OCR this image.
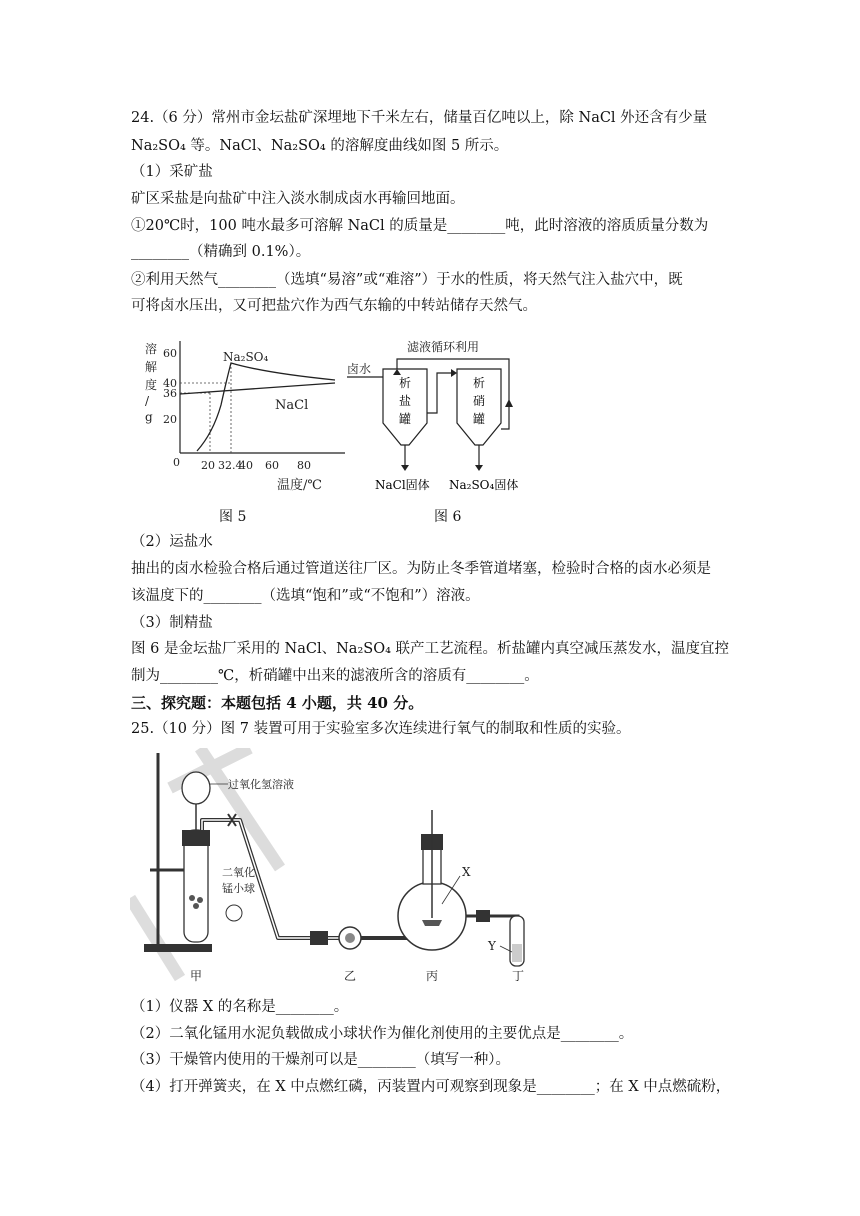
24.（6 分）常州市金坛盐矿深埋地下千米左右，储量百亿吨以上，除 NaCl 外还含有少量
Na₂SO₄ 等。NaCl、Na₂SO₄ 的溶解度曲线如图 5 所示。
（1）采矿盐
矿区采盐是向盐矿中注入淡水制成卤水再输回地面。
①20℃时，100 吨水最多可溶解 NaCl 的质量是________吨，此时溶液的溶质质量分数为
________（精确到 0.1%）。
②利用天然气________（选填“易溶”或“难溶”）于水的性质，将天然气注入盐穴中，既
可将卤水压出，又可把盐穴作为西气东输的中转站储存天然气。
溶
解
度
/
g
60
40
36
20
0 20 32.4
40 60 80
Na₂SO₄
NaCl
温度/℃
图 5
卤水
滤液循环利用
析
盐
罐
析
硝
罐
NaCl固体 Na₂SO₄固体
图 6
（2）运盐水
抽出的卤水检验合格后通过管道送往厂区。为防止冬季管道堵塞，检验时合格的卤水必须是
该温度下的________（选填“饱和”或“不饱和”）溶液。
（3）制精盐
图 6 是金坛盐厂采用的 NaCl、Na₂SO₄ 联产工艺流程。析盐罐内真空减压蒸发水，温度宜控
制为________℃，析硝罐中出来的滤液所含的溶质有________。
三、探究题：本题包括 4 小题，共 40 分。
25.（10 分）图 7 装置可用于实验室多次连续进行氧气的制取和性质的实验。
过氧化氢溶液
二氧化
锰小球
X
Y
甲	乙	丙	丁
（1）仪器 X 的名称是________。
（2）二氧化锰用水泥负载做成小球状作为催化剂使用的主要优点是________。
（3）干燥管内使用的干燥剂可以是________（填写一种）。
（4）打开弹簧夹，在 X 中点燃红磷，丙装置内可观察到现象是________；在 X 中点燃硫粉，
